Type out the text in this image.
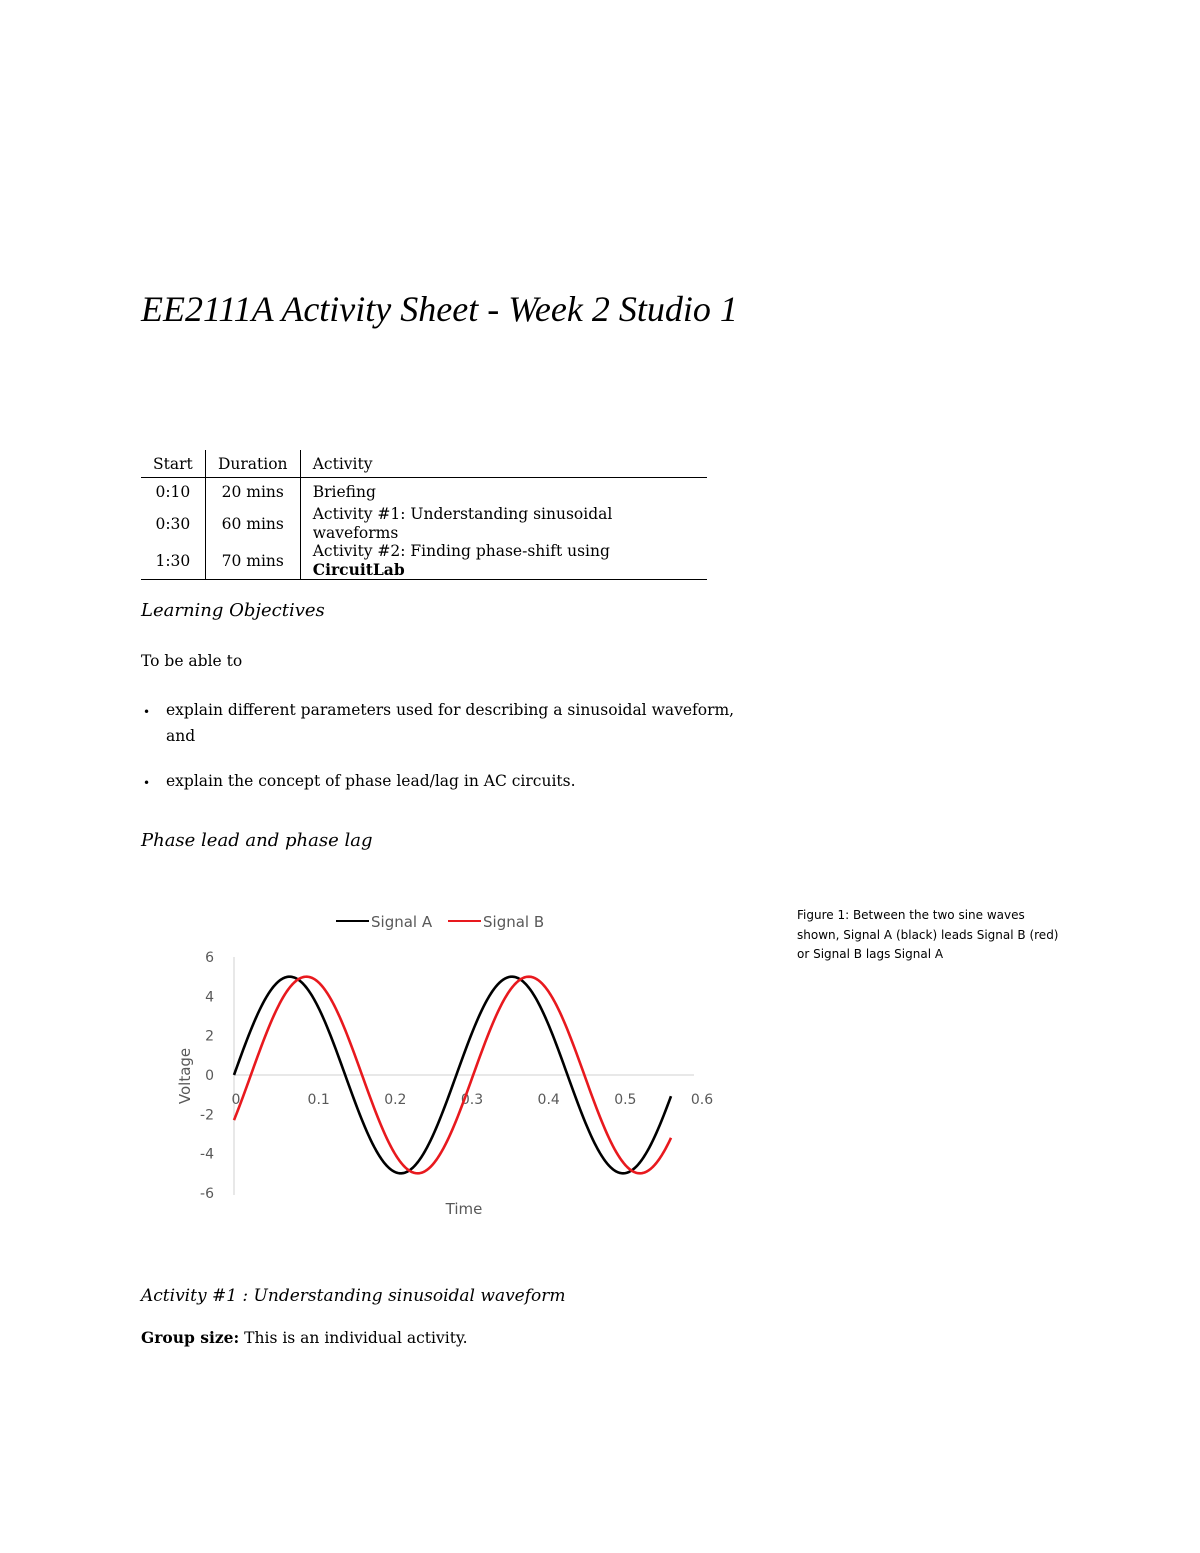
EE2111A Activity Sheet - Week 2 Studio 1
Start	Duration	Activity
0:10	20 mins	Briefing
0:30	60 mins	Activity #1: Understanding sinusoidal waveforms
1:30	70 mins	Activity #2: Finding phase-shift using CircuitLab
Learning Objectives
To be able to
• explain different parameters used for describing a sinusoidal waveform,
and
• explain the concept of phase lead/lag in AC circuits.
Phase lead and phase lag
6
4
2
0
-2
-4
-6
0	0.1	0.2	0.3	0.4	0.5	0.6
Time
Voltage
Signal A	Signal B	Figure 1: Between the two sine waves
shown, Signal A (black) leads Signal B (red)
or Signal B lags Signal A
Activity #1 : Understanding sinusoidal waveform
Group size: This is an individual activity.
